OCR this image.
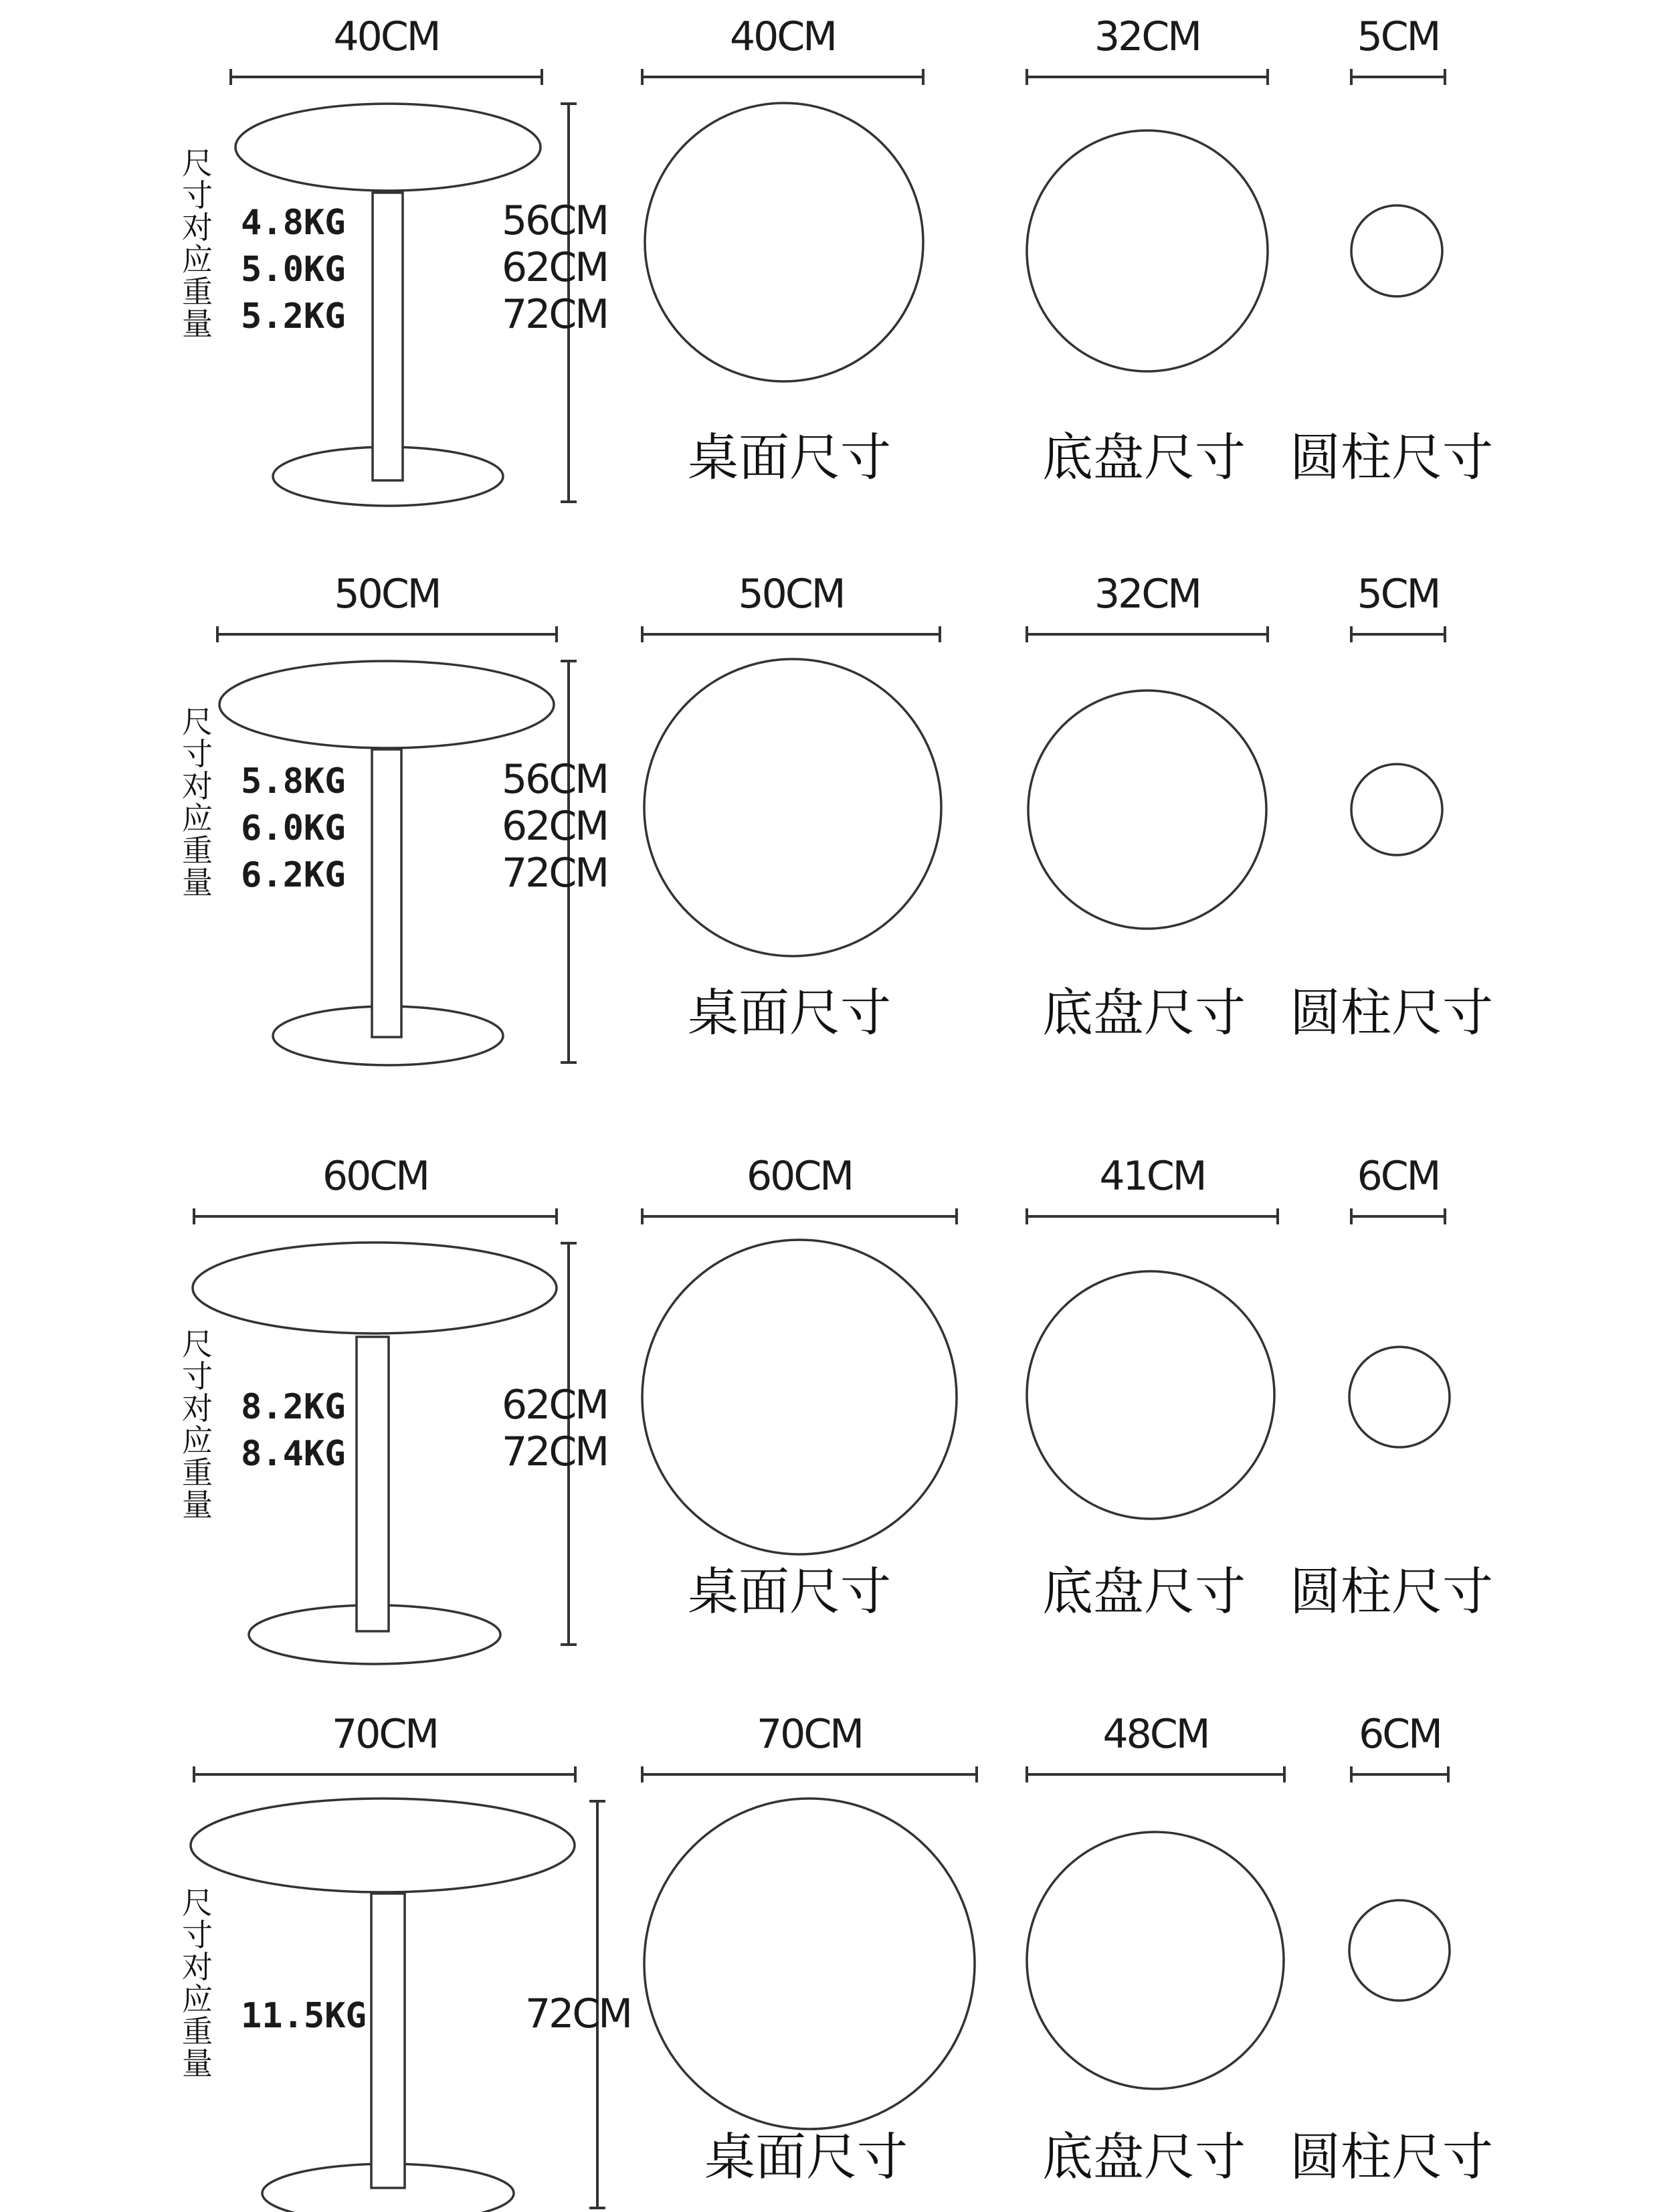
40CM
4.8KG
5.0KG
5.2KG
56CM
62CM
72CM
尺寸对应重量
40CM
桌面尺寸
32CM
底盘尺寸
5CM
圆柱尺寸
50CM
5.8KG
6.0KG
6.2KG
56CM
62CM
72CM
尺寸对应重量
50CM
桌面尺寸
32CM
底盘尺寸
5CM
圆柱尺寸
60CM
8.2KG
8.4KG
62CM
72CM
尺寸对应重量
60CM
桌面尺寸
41CM
底盘尺寸
6CM
圆柱尺寸
70CM
11.5KG	72CM
尺寸对应重量
70CM
桌面尺寸
48CM
底盘尺寸
6CM
圆柱尺寸
